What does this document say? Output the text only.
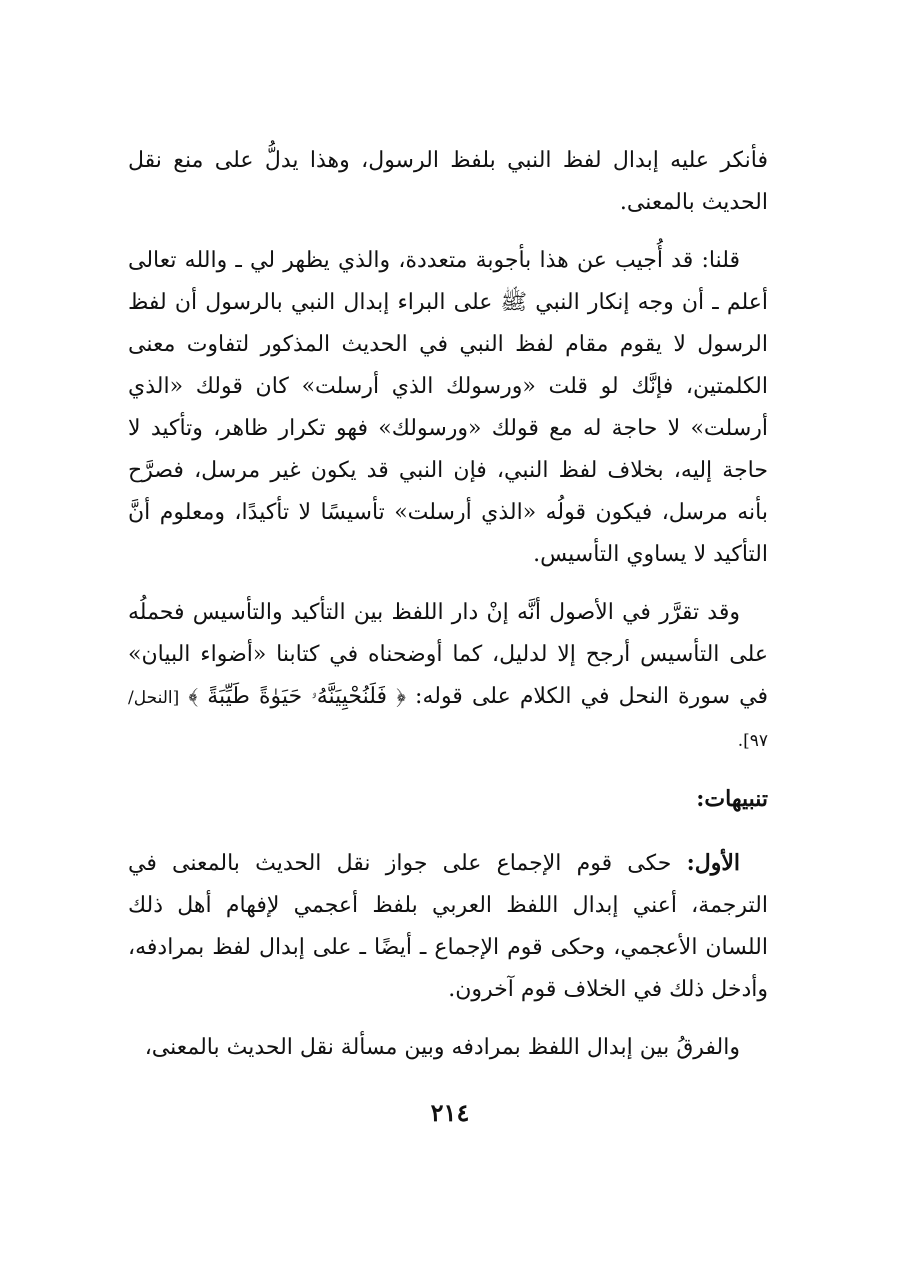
فأنكر عليه إبدال لفظ النبي بلفظ الرسول، وهذا يدلُّ على منع نقل الحديث بالمعنى.

قلنا: قد أُجيب عن هذا بأجوبة متعددة، والذي يظهر لي ـ والله تعالى أعلم ـ أن وجه إنكار النبي ﷺ على البراء إبدال النبي بالرسول أن لفظ الرسول لا يقوم مقام لفظ النبي في الحديث المذكور لتفاوت معنى الكلمتين، فإنَّك لو قلت «ورسولك الذي أرسلت» كان قولك «الذي أرسلت» لا حاجة له مع قولك «ورسولك» فهو تكرار ظاهر، وتأكيد لا حاجة إليه، بخلاف لفظ النبي، فإن النبي قد يكون غير مرسل، فصرَّح بأنه مرسل، فيكون قولُه «الذي أرسلت» تأسيسًا لا تأكيدًا، ومعلوم أنَّ التأكيد لا يساوي التأسيس.

وقد تقرَّر في الأصول أنَّه إنْ دار اللفظ بين التأكيد والتأسيس فحملُه على التأسيس أرجح إلا لدليل، كما أوضحناه في كتابنا «أضواء البيان» في سورة النحل في الكلام على قوله: ﴿ فَلَنُحْيِيَنَّهُۥ حَيَوٰةً طَيِّبَةً ﴾ [النحل/ ٩٧].

تنبيهات:

الأول: حكى قوم الإجماع على جواز نقل الحديث بالمعنى في الترجمة، أعني إبدال اللفظ العربي بلفظ أعجمي لإفهام أهل ذلك اللسان الأعجمي، وحكى قوم الإجماع ـ أيضًا ـ على إبدال لفظ بمرادفه، وأدخل ذلك في الخلاف قوم آخرون.

والفرقُ بين إبدال اللفظ بمرادفه وبين مسألة نقل الحديث بالمعنى،

٢١٤
